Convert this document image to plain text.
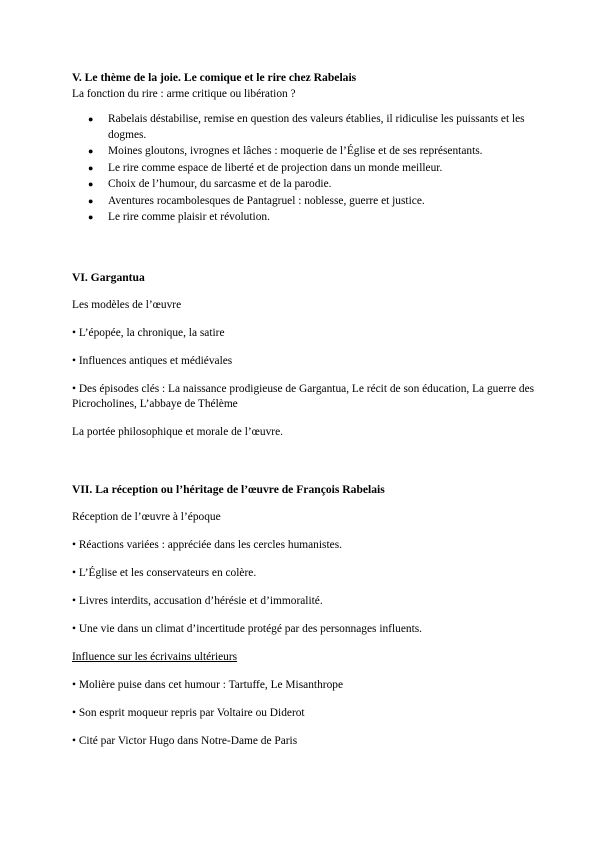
V. Le thème de la joie. Le comique et le rire chez Rabelais

La fonction du rire : arme critique ou libération ?

● Rabelais déstabilise, remise en question des valeurs établies, il ridiculise les puissants et les dogmes.
● Moines gloutons, ivrognes et lâches : moquerie de l’Église et de ses représentants.
● Le rire comme espace de liberté et de projection dans un monde meilleur.
● Choix de l’humour, du sarcasme et de la parodie.
● Aventures rocambolesques de Pantagruel : noblesse, guerre et justice.
● Le rire comme plaisir et révolution.
VI. Gargantua

Les modèles de l’œuvre

• L’épopée, la chronique, la satire

• Influences antiques et médiévales

• Des épisodes clés : La naissance prodigieuse de Gargantua, Le récit de son éducation, La guerre des Picrocholines, L’abbaye de Thélème

La portée philosophique et morale de l’œuvre.

VII. La réception ou l’héritage de l’œuvre de François Rabelais

Réception de l’œuvre à l’époque

• Réactions variées : appréciée dans les cercles humanistes.

• L’Église et les conservateurs en colère.

• Livres interdits, accusation d’hérésie et d’immoralité.

• Une vie dans un climat d’incertitude protégé par des personnages influents.

Influence sur les écrivains ultérieurs

• Molière puise dans cet humour : Tartuffe, Le Misanthrope

• Son esprit moqueur repris par Voltaire ou Diderot

• Cité par Victor Hugo dans Notre-Dame de Paris
